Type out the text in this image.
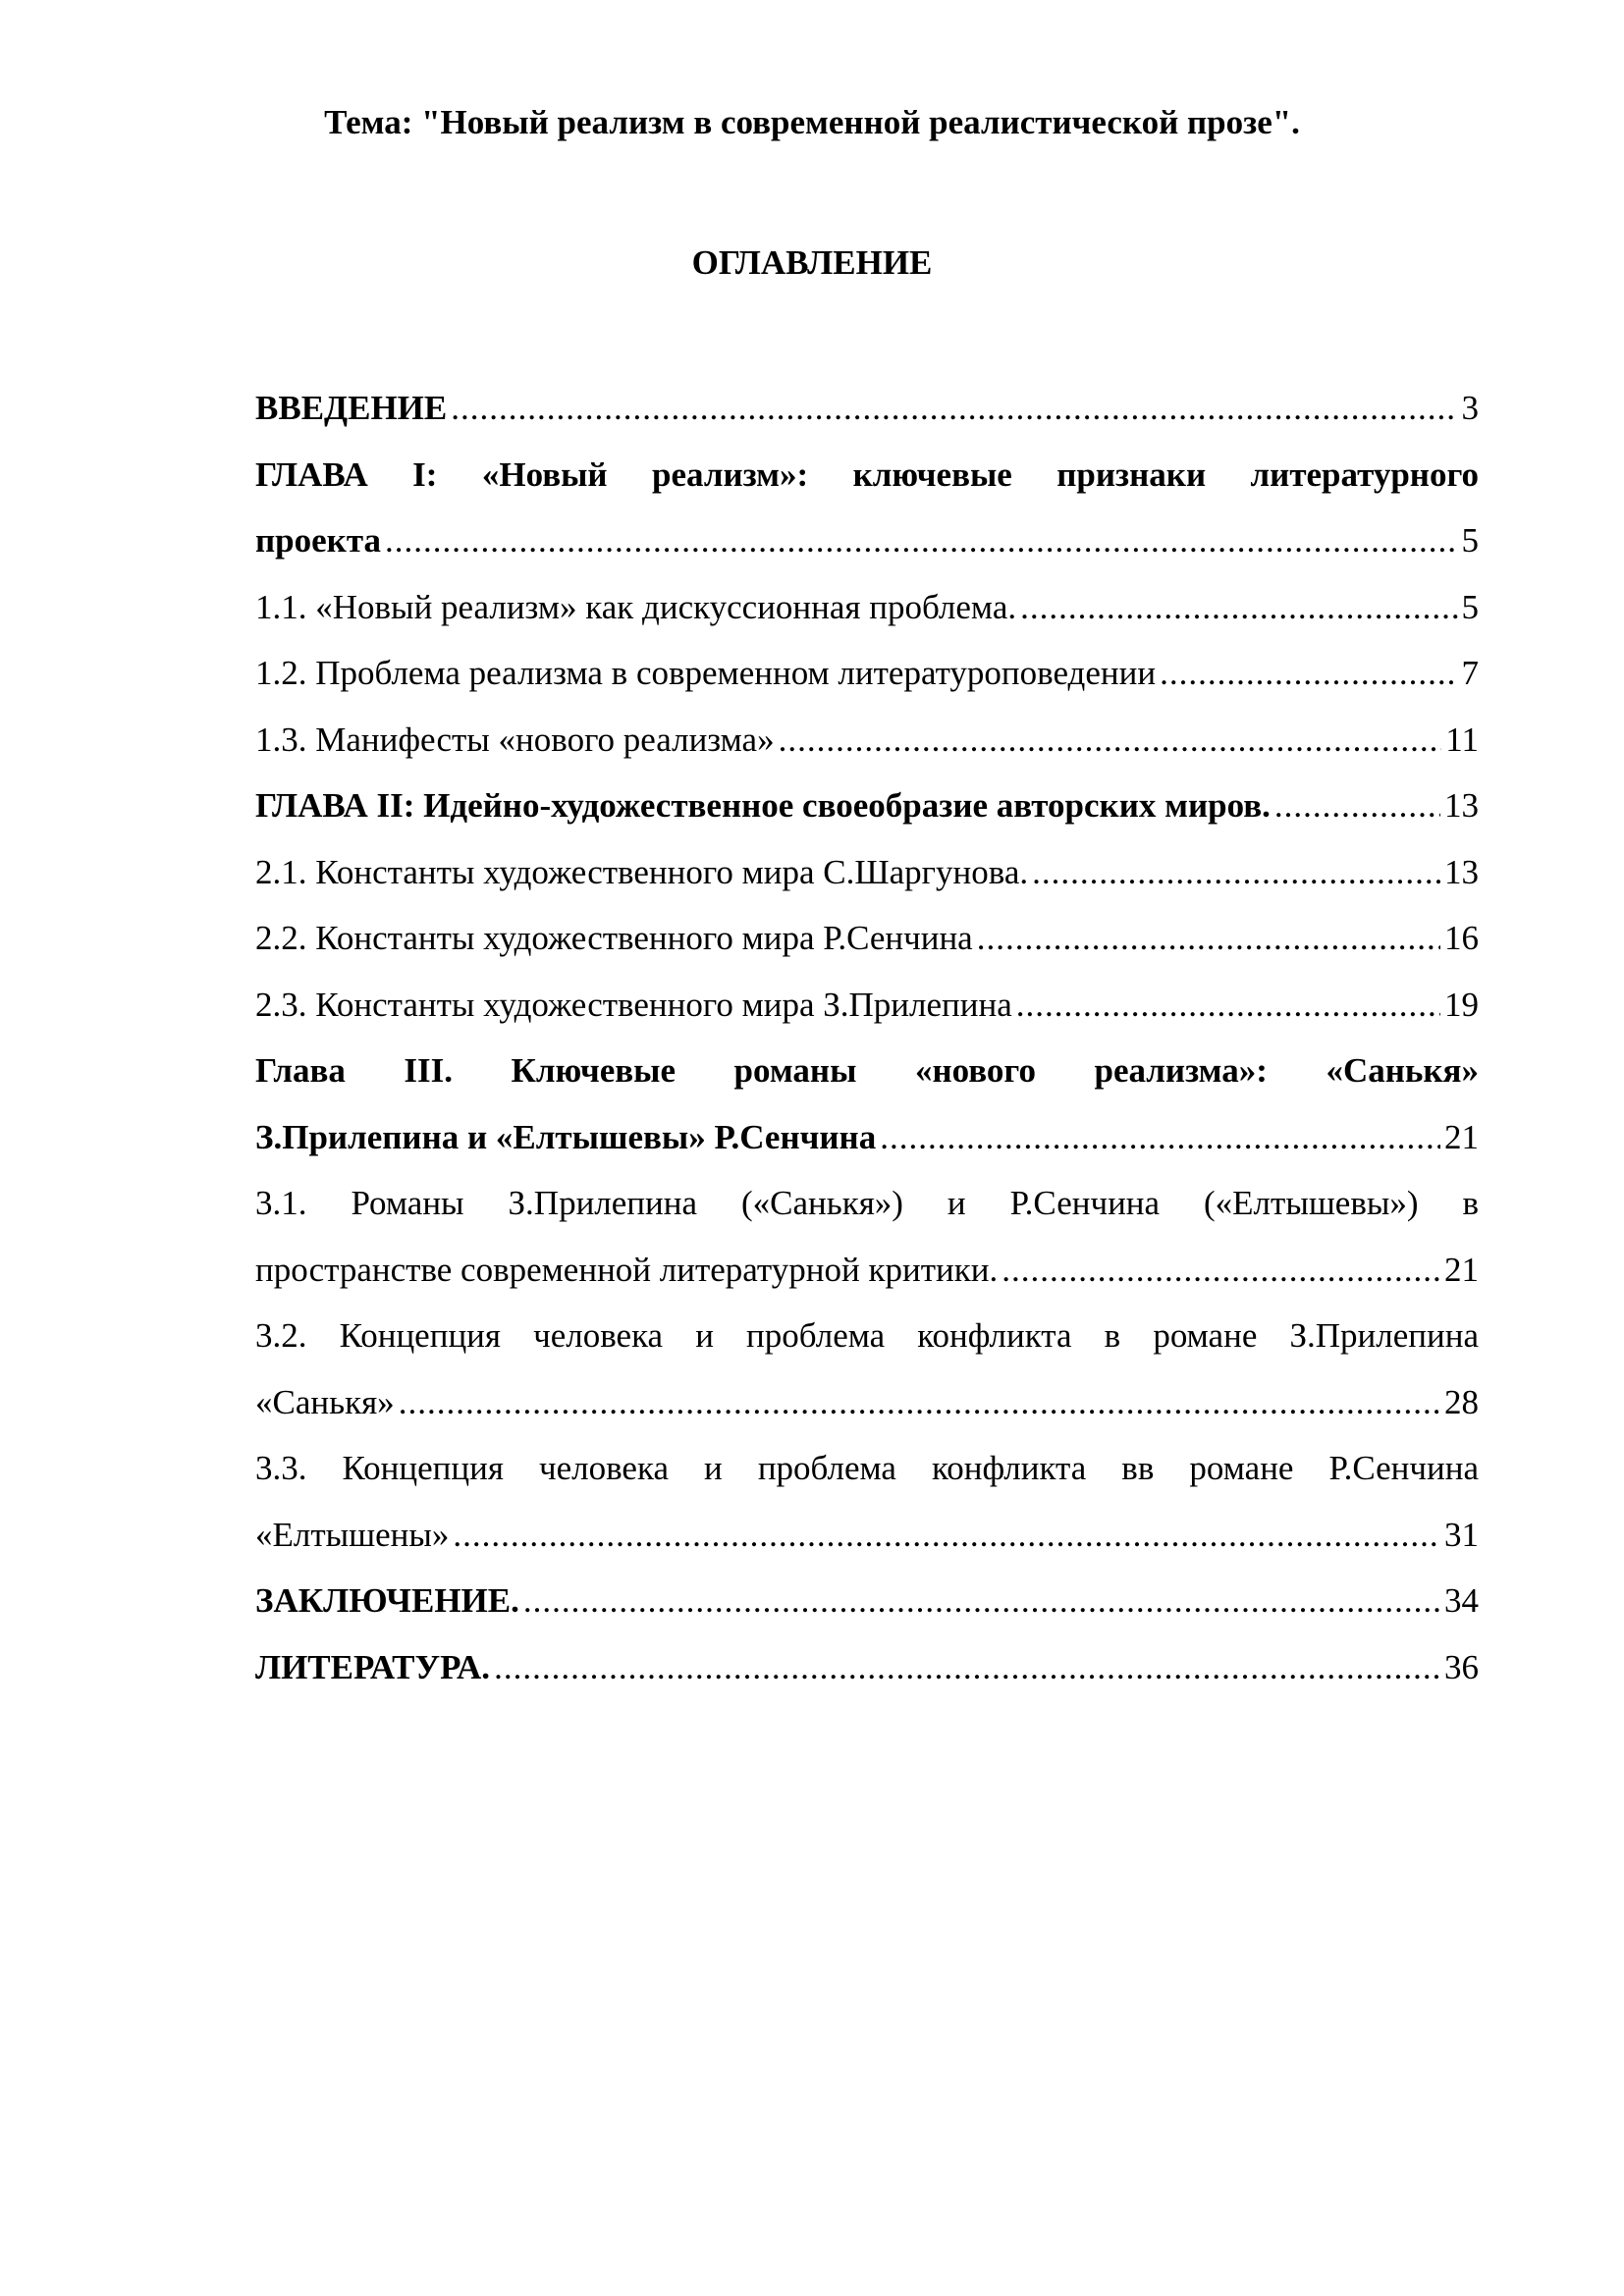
Тема: "Новый реализм в современной реалистической прозе".
ОГЛАВЛЕНИЕ
ВВЕДЕНИЕ .....	3
ГЛАВА I: «Новый реализм»: ключевые признаки литературного
проекта .....	5
1.1. «Новый реализм» как дискуссионная проблема. .....	5
1.2. Проблема реализма в современном литературоповедении .....	7
1.3. Манифесты «нового реализма» .....	11
ГЛАВА II: Идейно-художественное своеобразие авторских миров. .....	13
2.1. Константы художественного мира С.Шаргунова. .....	13
2.2. Константы художественного мира Р.Сенчина .....	16
2.3. Константы художественного мира З.Прилепина .....	19
Глава III. Ключевые романы «нового реализма»: «Санькя»
З.Прилепина и «Елтышевы» Р.Сенчина .....	21
3.1. Романы З.Прилепина («Санькя») и Р.Сенчина («Елтышевы») в
пространстве современной литературной критики. .....	21
3.2. Концепция человека и проблема конфликта в романе З.Прилепина
«Санькя» .....	28
3.3. Концепция человека и проблема конфликта вв романе Р.Сенчина
«Елтышены» .....	31
ЗАКЛЮЧЕНИЕ. .....	34
ЛИТЕРАТУРА. .....	36
